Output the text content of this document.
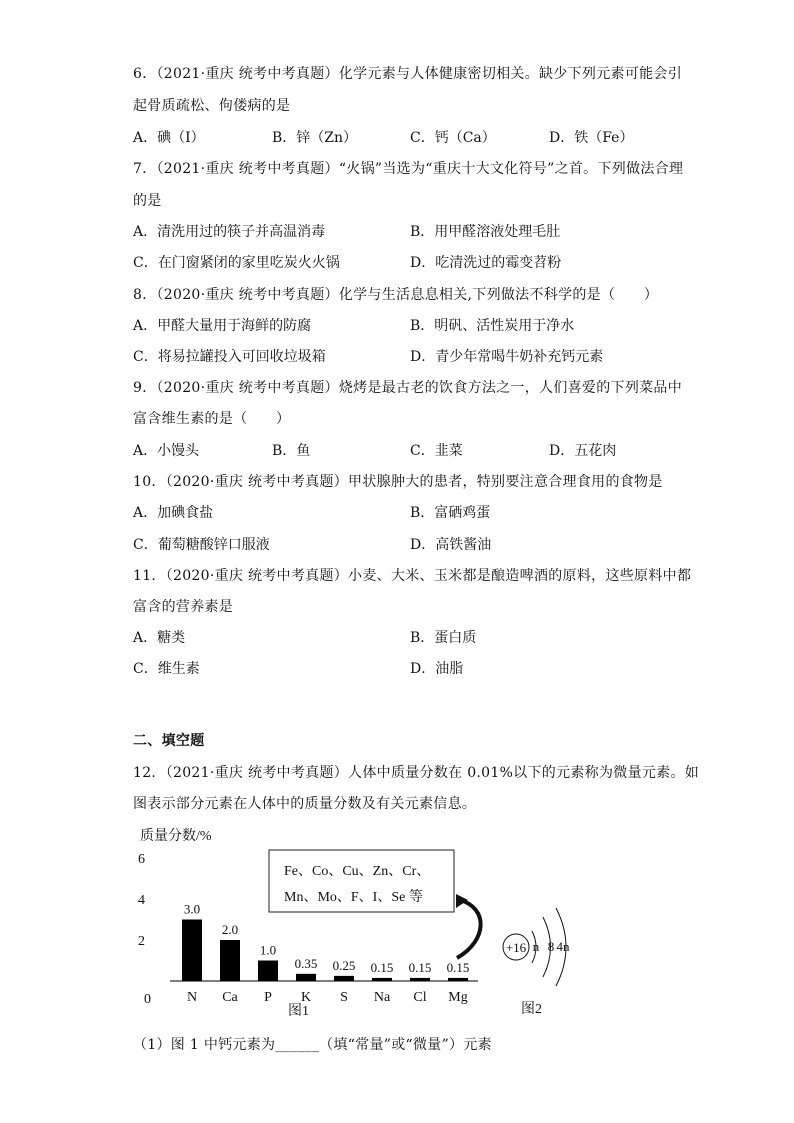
6．（2021·重庆 统考中考真题）化学元素与人体健康密切相关。缺少下列元素可能会引
起骨质疏松、佝偻病的是
A．碘（I）	B．锌（Zn）	C．钙（Ca）	D．铁（Fe）
7．（2021·重庆 统考中考真题）“火锅”当选为“重庆十大文化符号”之首。下列做法合理
的是
A．清洗用过的筷子并高温消毒	B．用甲醛溶液处理毛肚
C．在门窗紧闭的家里吃炭火火锅	D．吃清洗过的霉变苕粉
8．（2020·重庆 统考中考真题）化学与生活息息相关,下列做法不科学的是（　　）
A．甲醛大量用于海鲜的防腐	B．明矾、活性炭用于净水
C．将易拉罐投入可回收垃圾箱	D．青少年常喝牛奶补充钙元素
9．（2020·重庆 统考中考真题）烧烤是最古老的饮食方法之一，人们喜爱的下列菜品中
富含维生素的是（　　）
A．小馒头	B．鱼	C．韭菜	D．五花肉
10．（2020·重庆 统考中考真题）甲状腺肿大的患者，特别要注意合理食用的食物是
A．加碘食盐	B．富硒鸡蛋
C．葡萄糖酸锌口服液	D．高铁酱油
11．（2020·重庆 统考中考真题）小麦、大米、玉米都是酿造啤酒的原料，这些原料中都
富含的营养素是
A．糖类	B．蛋白质
C．维生素	D．油脂
二、填空题
12．（2021·重庆 统考中考真题）人体中质量分数在 0.01%以下的元素称为微量元素。如
图表示部分元素在人体中的质量分数及有关元素信息。
质量分数/%
0
2
4
6
3.0
2.0
1.0
0.35 0.25 0.15 0.15 0.15
N Ca P K S Na Cl Mg
图1
Fe、Co、Cu、Zn、Cr、
Mn、Mo、F、I、Se 等
+16 n 8 4n
图2
（1）图 1 中钙元素为______（填“常量”或“微量”）元素
